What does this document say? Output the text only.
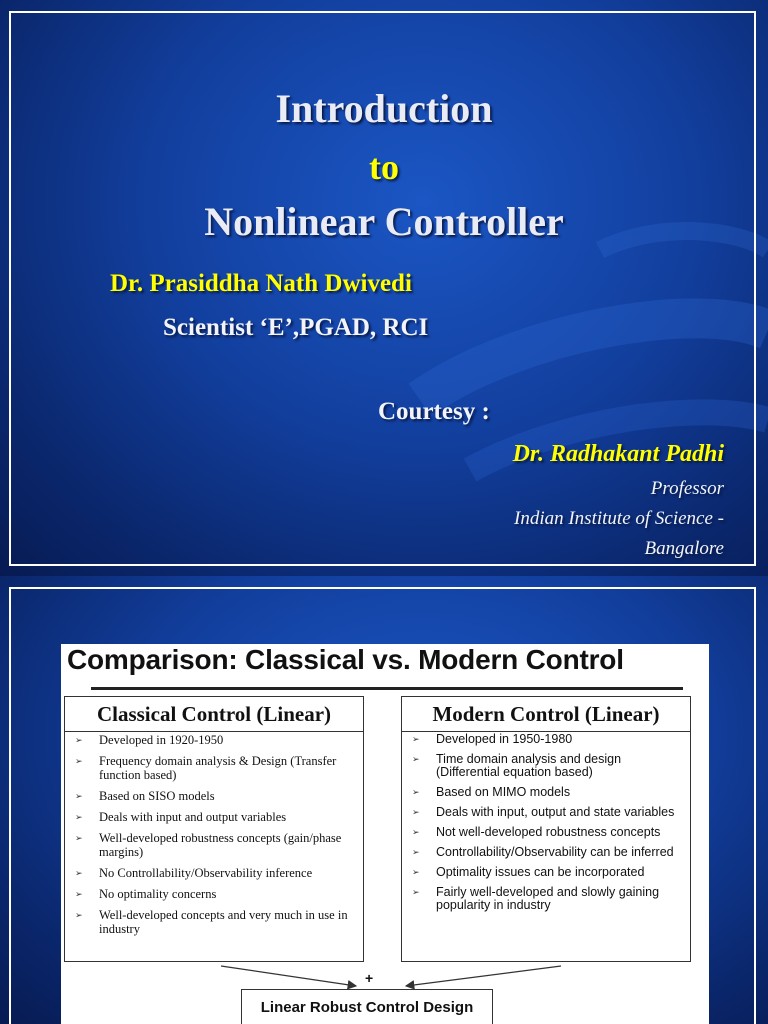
Introduction
to
Nonlinear Controller
Dr. Prasiddha Nath Dwivedi
Scientist ‘E’,PGAD, RCI
Courtesy :
Dr. Radhakant Padhi
Professor
Indian Institute of Science -
Bangalore
Comparison: Classical vs. Modern Control
Classical Control (Linear)
➢ Developed in 1920-1950
➢ Frequency domain analysis & Design (Transfer function based)
➢ Based on SISO models
➢ Deals with input and output variables
➢ Well-developed robustness concepts (gain/phase margins)
➢ No Controllability/Observability inference
➢ No optimality concerns
➢ Well-developed concepts and very much in use in industry
Modern Control (Linear)
➢ Developed in 1950-1980
➢ Time domain analysis and design (Differential equation based)
➢ Based on MIMO models
➢ Deals with input, output and state variables
➢ Not well-developed robustness concepts
➢ Controllability/Observability can be inferred
➢ Optimality issues can be incorporated
➢ Fairly well-developed and slowly gaining popularity in industry
+
Linear Robust Control Design
